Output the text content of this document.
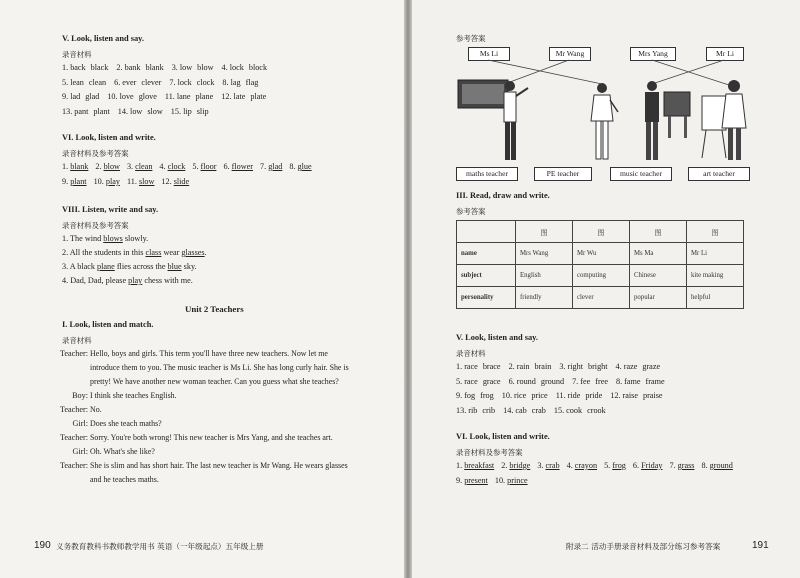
V. Look, listen and say.
录音材料
1. back black 2. bank blank 3. low blow 4. lock block
5. lean clean 6. ever clever 7. lock clock 8. lag flag
9. lad glad 10. love glove 11. lane plane 12. late plate
13. pant plant 14. low slow 15. lip slip
VI. Look, listen and write.
录音材料及参考答案
1. blank 2. blow 3. clean 4. clock 5. floor 6. flower 7. glad 8. glue
9. plant 10. play 11. slow 12. slide
VIII. Listen, write and say.
录音材料及参考答案
1. The wind blows slowly.
2. All the students in this class wear glasses.
3. A black plane flies across the blue sky.
4. Dad, Dad, please play chess with me.
Unit 2 Teachers
I. Look, listen and match.
录音材料
Teacher: Hello, boys and girls. This term you'll have three new teachers. Now let me
introduce them to you. The music teacher is Ms Li. She has long curly hair. She is
pretty! We have another new woman teacher. Can you guess what she teaches?
Boy: I think she teaches English.
Teacher: No.
Girl: Does she teach maths?
Teacher: Sorry. You're both wrong! This new teacher is Mrs Yang, and she teaches art.
Girl: Oh. What's she like?
Teacher: She is slim and has short hair. The last new teacher is Mr Wang. He wears glasses
and he teaches maths.
190 义务教育教科书教师教学用书 英语（一年级起点）五年级上册
参考答案
Ms Li	Mr Wang	Mrs Yang	Mr Li
maths teacher	PE teacher	music teacher	art teacher
III. Read, draw and write.
参考答案
	图	图	图	图
name	Mrs Wang	Mr Wu	Ms Ma	Mr Li
subject	English	computing	Chinese	kite making
personality	friendly	clever	popular	helpful
V. Look, listen and say.
录音材料
1. race brace 2. rain brain 3. right bright 4. raze graze
5. race grace 6. round ground 7. fee free 8. fame frame
9. fog frog 10. rice price 11. ride pride 12. raise praise
13. rib crib 14. cab crab 15. cook crook
VI. Look, listen and write.
录音材料及参考答案
1. breakfast 2. bridge 3. crab 4. crayon 5. frog 6. Friday 7. grass 8. ground
9. present 10. prince
附录二 活动手册录音材料及部分练习参考答案	191
